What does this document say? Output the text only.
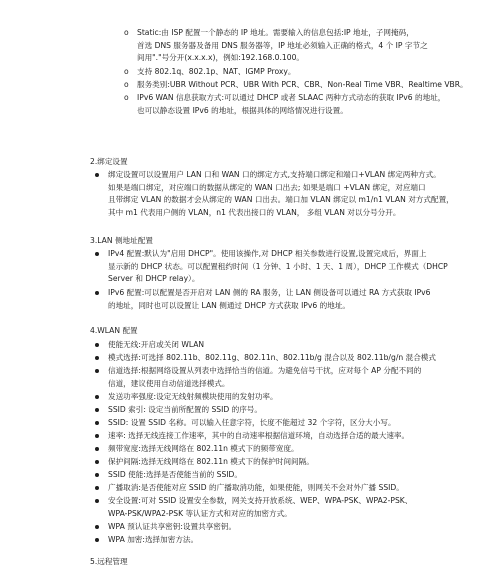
o Static:由 ISP 配置一个静态的 IP 地址。需要输入的信息包括:IP 地址，子网掩码，
首选 DNS 服务器及备用 DNS 服务器等，IP 地址必须输入正确的格式，4 个 IP 字节之
间用"."号分开(x.x.x.x)，例如:192.168.0.100。
o 支持 802.1q、802.1p、NAT、IGMP Proxy。
o 服务类别:UBR Without PCR、UBR With PCR、CBR、Non-Real Time VBR、Realtime VBR。
o IPv6 WAN 信息获取方式:可以通过 DHCP 或者 SLAAC 两种方式动态的获取 IPv6 的地址，
也可以静态设置 IPv6 的地址，根据具体的网络情况进行设置。
2.绑定设置
绑定设置可以设置用户 LAN 口和 WAN 口的绑定方式,支持端口绑定和端口+VLAN 绑定两种方式。
如果是端口绑定，对应端口的数据从绑定的 WAN 口出去; 如果是端口 +VLAN 绑定，对应端口
且带绑定 VLAN 的数据才会从绑定的 WAN 口出去。端口加 VLAN 绑定以 m1/n1 VLAN 对方式配置，
其中 m1 代表用户侧的 VLAN，n1 代表出接口的 VLAN， 多组 VLAN 对以分号分开。
3.LAN 侧地址配置
IPv4 配置:默认为"启用 DHCP"。使用该操作,对 DHCP 相关参数进行设置,设置完成后，界面上
显示新的 DHCP 状态。可以配置租约时间（1 分钟、1 小时、1 天、1 周），DHCP 工作模式（DHCP
Server 和 DHCP relay）。
IPv6 配置:可以配置是否开启对 LAN 侧的 RA 服务，让 LAN 侧设备可以通过 RA 方式获取 IPv6
的地址，同时也可以设置让 LAN 侧通过 DHCP 方式获取 IPv6 的地址。
4.WLAN 配置
使能无线:开启或关闭 WLAN
模式选择:可选择 802.11b、802.11g、802.11n、802.11b/g 混合以及 802.11b/g/n 混合模式
信道选择:根据网络设置从列表中选择恰当的信道。为避免信号干扰，应对每个 AP 分配不同的
信道，建议使用自动信道选择模式。
发送功率强度:设定无线射频模块使用的发射功率。
SSID 索引: 设定当前所配置的 SSID 的序号。
SSID: 设置 SSID 名称。可以输入任意字符，长度不能超过 32 个字符，区分大小写。
速率: 选择无线连接工作速率，其中的自动速率根据信道环境，自动选择合适的最大速率。
频带宽度:选择无线网络在 802.11n 模式下的频带宽度。
保护间隔:选择无线网络在 802.11n 模式下的保护时间间隔。
SSID 使能:选择是否使能当前的 SSID。
广播取消:是否使能对应 SSID 的广播取消功能，如果使能，则网关不会对外广播 SSID。
安全设置:可对 SSID 设置安全参数，网关支持开放系统、WEP、WPA-PSK、WPA2-PSK、
WPA-PSK/WPA2-PSK 等认证方式和对应的加密方式。
WPA 预认证共享密钥:设置共享密钥。
WPA 加密:选择加密方法。
5.远程管理
